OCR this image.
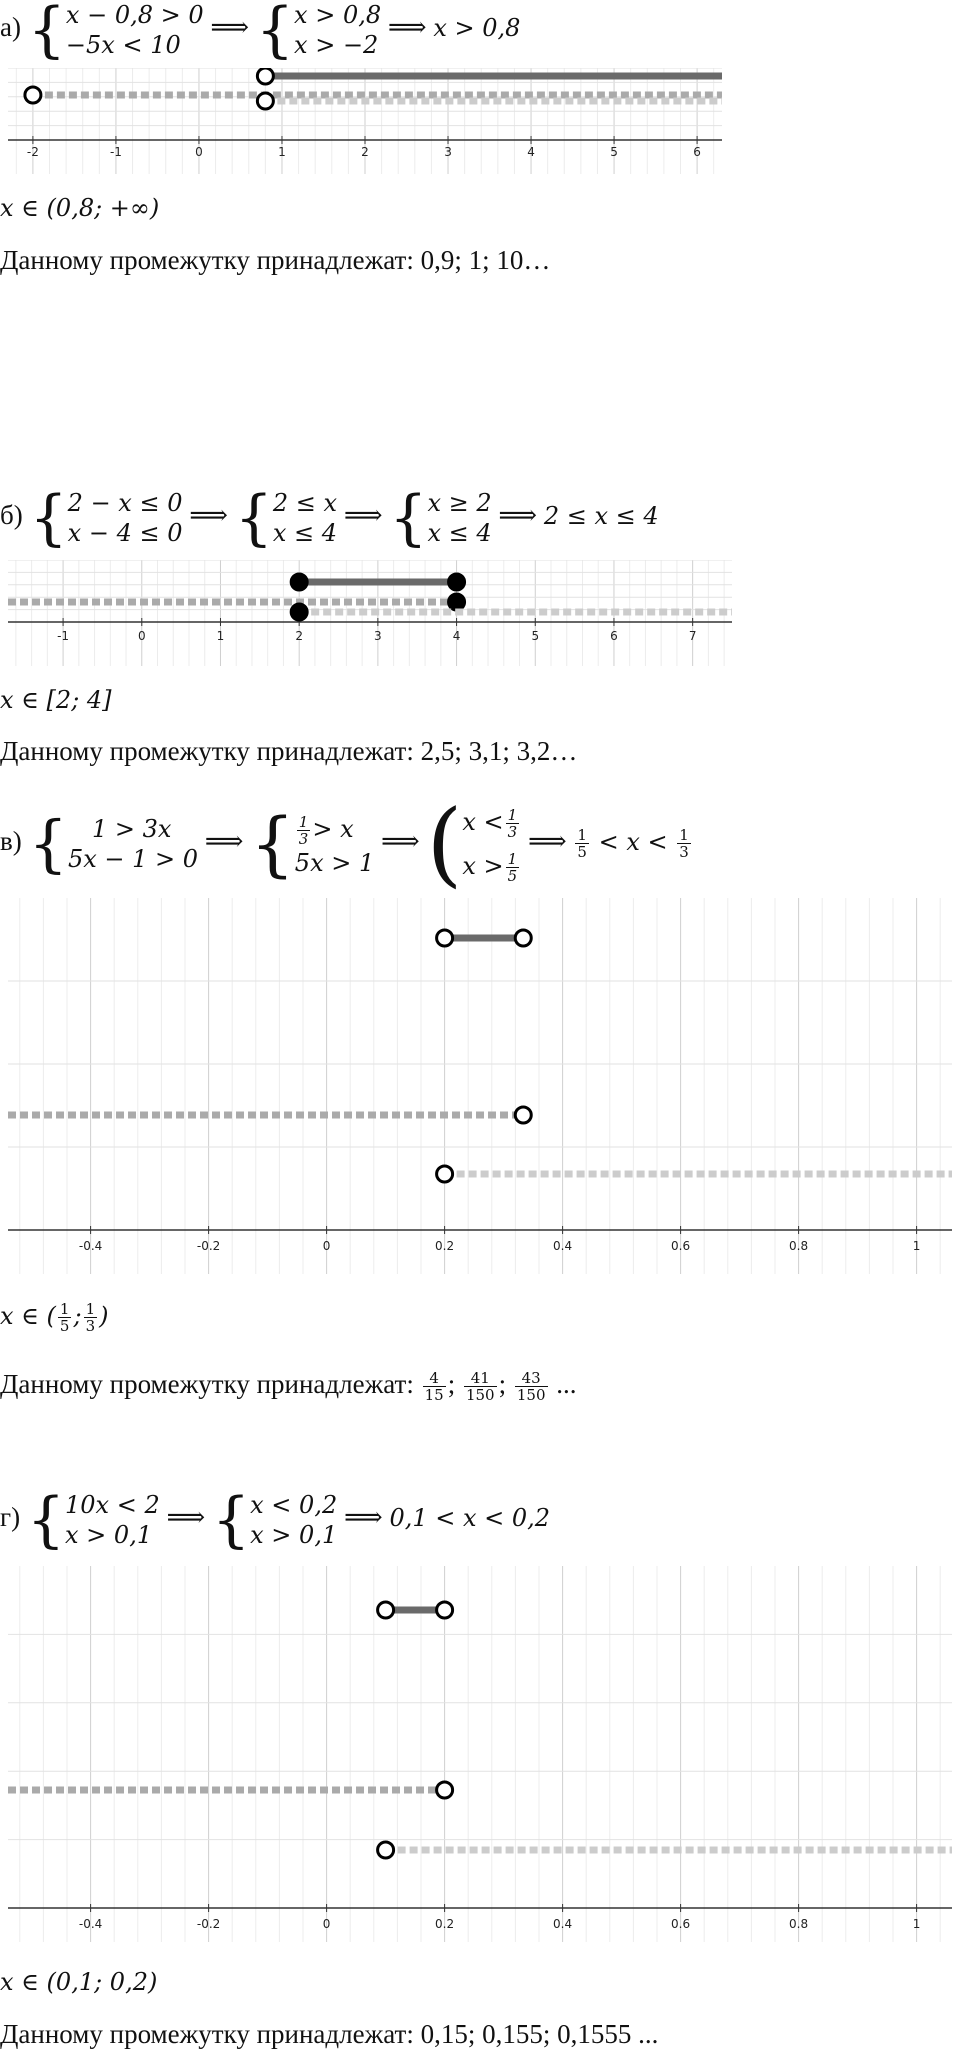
а) { x − 0,8 > 0
−5x < 10
⟹ { x > 0,8
x > −2
⟹ x > 0,8
-2	-1	0	1	2	3	4	5	6
x ∈ (0,8; +∞)
Данному промежутку принадлежат: 0,9; 1; 10…
б) { 2 − x ≤ 0
x − 4 ≤ 0
⟹ { 2 ≤ x
x ≤ 4
⟹ { x ≥ 2
x ≤ 4
⟹ 2 ≤ x ≤ 4
-1	0	1	2	3	4	5	6	7
x ∈ [2; 4]
Данному промежутку принадлежат: 2,5; 3,1; 3,2…
в) {	1 > 3x
5x − 1 > 0
⟹ { $\frac{1}{3} > x$
5x > 1
⟹ ( $x < \frac{1}{3}$
$x > \frac{1}{5}$
⟹ $\frac{1}{5} < x < \frac{1}{3}$
-0.4	-0.2	0	0.2	0.4	0.6	0.8	1
x ∈ ( $\frac{1}{5}$ ; $\frac{1}{3}$ )
Данному промежутку принадлежат: $\frac{4}{15}$ ; $\frac{41}{150}$ ; $\frac{43}{150}$ ...
г) { 10x < 2
x > 0,1
⟹ { x < 0,2
x > 0,1
⟹ 0,1 < x < 0,2
-0.4	-0.2	0	0.2	0.4	0.6	0.8	1
x ∈ (0,1; 0,2)
Данному промежутку принадлежат: 0,15; 0,155; 0,1555 ...
